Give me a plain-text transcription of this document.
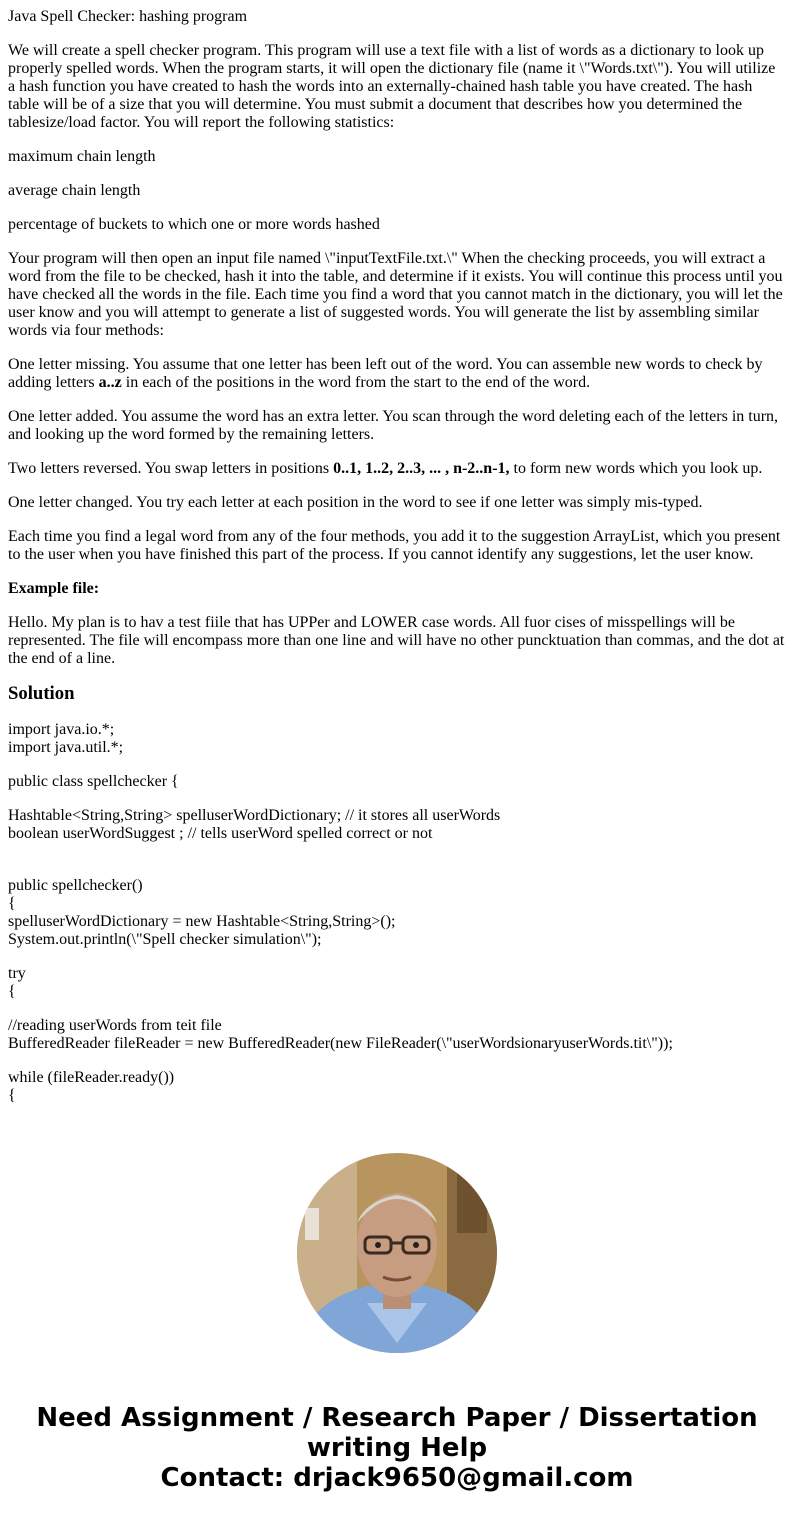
Java Spell Checker: hashing program

We will create a spell checker program. This program will use a text file with a list of words as a dictionary to look up properly spelled words. When the program starts, it will open the dictionary file (name it \"Words.txt\"). You will utilize a hash function you have created to hash the words into an externally-chained hash table you have created. The hash table will be of a size that you will determine. You must submit a document that describes how you determined the tablesize/load factor. You will report the following statistics:

maximum chain length

average chain length

percentage of buckets to which one or more words hashed

Your program will then open an input file named \"inputTextFile.txt.\" When the checking proceeds, you will extract a word from the file to be checked, hash it into the table, and determine if it exists. You will continue this process until you have checked all the words in the file. Each time you find a word that you cannot match in the dictionary, you will let the user know and you will attempt to generate a list of suggested words. You will generate the list by assembling similar words via four methods:

One letter missing. You assume that one letter has been left out of the word. You can assemble new words to check by adding letters a..z in each of the positions in the word from the start to the end of the word.

One letter added. You assume the word has an extra letter. You scan through the word deleting each of the letters in turn, and looking up the word formed by the remaining letters.

Two letters reversed. You swap letters in positions 0..1, 1..2, 2..3, ... , n-2..n-1, to form new words which you look up.

One letter changed. You try each letter at each position in the word to see if one letter was simply mis-typed.

Each time you find a legal word from any of the four methods, you add it to the suggestion ArrayList, which you present to the user when you have finished this part of the process. If you cannot identify any suggestions, let the user know.

Example file:

Hello. My plan is to hav a test fiile that has UPPer and LOWER case words. All fuor cises of misspellings will be represented. The file will encompass more than one line and will have no other puncktuation than commas, and the dot at the end of a line.

Solution
import java.io.*;
import java.util.*;
public class spellchecker {
Hashtable<String,String> spelluserWordDictionary; // it stores all userWords
boolean userWordSuggest ; // tells userWord spelled correct or not
public spellchecker()
{
spelluserWordDictionary = new Hashtable<String,String>();
System.out.println(\"Spell checker simulation\");
try
{
//reading userWords from teit file
BufferedReader fileReader = new BufferedReader(new FileReader(\"userWordsionaryuserWords.tit\"));
while (fileReader.ready())
{
Need Assignment / Research Paper / Dissertation
writing Help
Contact: drjack9650@gmail.com
